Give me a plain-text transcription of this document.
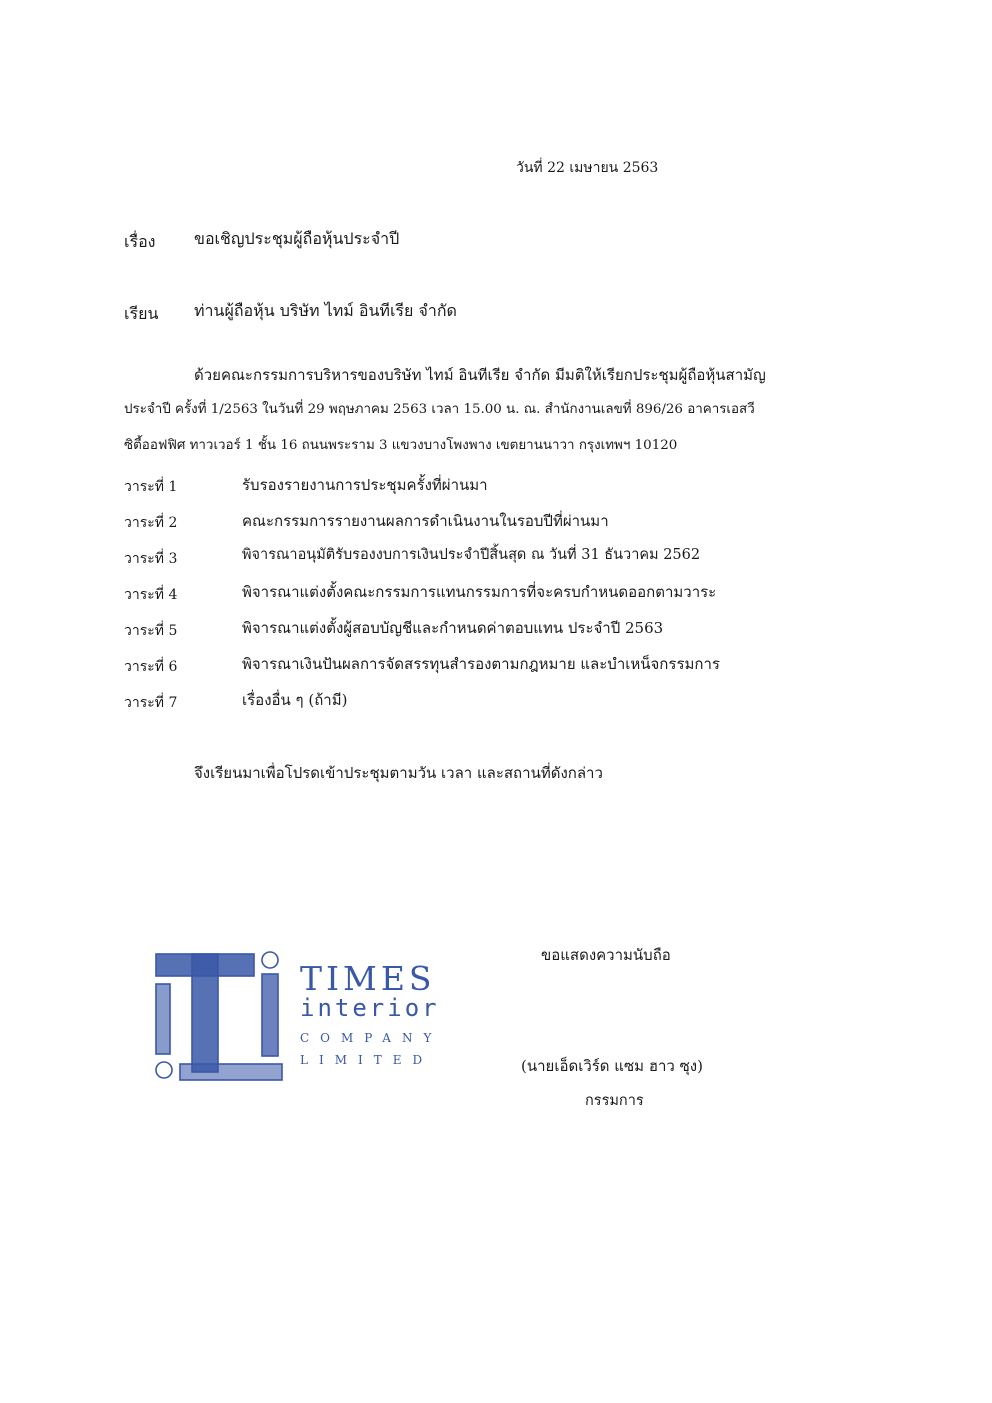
วันที่ 22 เมษายน 2563
เรื่อง ขอเชิญประชุมผู้ถือหุ้นประจำปี
เรียน ท่านผู้ถือหุ้น บริษัท ไทม์ อินทีเรีย จำกัด
ด้วยคณะกรรมการบริหารของบริษัท ไทม์ อินทีเรีย จำกัด มีมติให้เรียกประชุมผู้ถือหุ้นสามัญ
ประจำปี ครั้งที่ 1/2563 ในวันที่ 29 พฤษภาคม 2563 เวลา 15.00 น. ณ. สำนักงานเลขที่ 896/26 อาคารเอสวี
ซิตี้ออฟฟิศ ทาวเวอร์ 1 ชั้น 16 ถนนพระราม 3 แขวงบางโพงพาง เขตยานนาวา กรุงเทพฯ 10120
วาระที่ 1	รับรองรายงานการประชุมครั้งที่ผ่านมา
วาระที่ 2	คณะกรรมการรายงานผลการดำเนินงานในรอบปีที่ผ่านมา
วาระที่ 3	พิจารณาอนุมัติรับรองงบการเงินประจำปีสิ้นสุด ณ วันที่ 31 ธันวาคม 2562
วาระที่ 4	พิจารณาแต่งตั้งคณะกรรมการแทนกรรมการที่จะครบกำหนดออกตามวาระ
วาระที่ 5	พิจารณาแต่งตั้งผู้สอบบัญชีและกำหนดค่าตอบแทน ประจำปี 2563
วาระที่ 6	พิจารณาเงินปันผลการจัดสรรทุนสำรองตามกฎหมาย และบำเหน็จกรรมการ
วาระที่ 7	เรื่องอื่น ๆ (ถ้ามี)
จึงเรียนมาเพื่อโปรดเข้าประชุมตามวัน เวลา และสถานที่ดังกล่าว
TIMES
interior
COMPANY
LIMITED
ขอแสดงความนับถือ
(นายเอ็ดเวิร์ด แซม ฮาว ซุง)
กรรมการ
